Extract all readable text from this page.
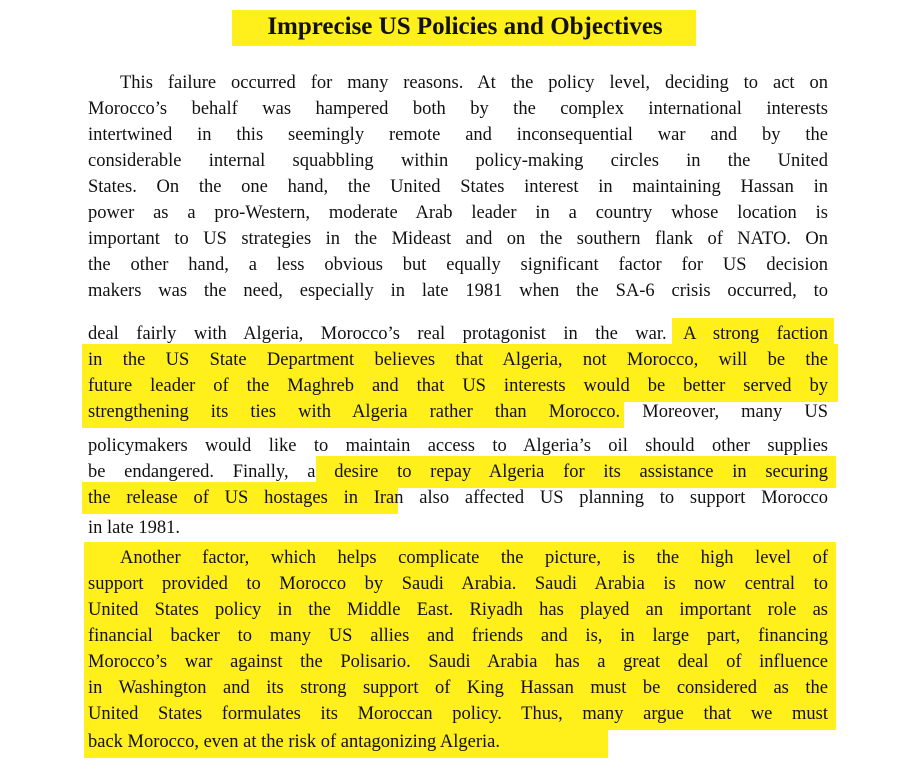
Imprecise US Policies and Objectives
This failure occurred for many reasons. At the policy level, deciding to act on
Morocco’s behalf was hampered both by the complex international interests
intertwined in this seemingly remote and inconsequential war and by the
considerable internal squabbling within policy-making circles in the United
States. On the one hand, the United States interest in maintaining Hassan in
power as a pro-Western, moderate Arab leader in a country whose location is
important to US strategies in the Mideast and on the southern flank of NATO. On
the other hand, a less obvious but equally significant factor for US decision
makers was the need, especially in late 1981 when the SA-6 crisis occurred, to
deal fairly with Algeria, Morocco’s real protagonist in the war. A strong faction
in the US State Department believes that Algeria, not Morocco, will be the
future leader of the Maghreb and that US interests would be better served by
strengthening its ties with Algeria rather than Morocco. Moreover, many US
policymakers would like to maintain access to Algeria’s oil should other supplies
be endangered. Finally, a desire to repay Algeria for its assistance in securing
the release of US hostages in Iran also affected US planning to support Morocco
in late 1981.
Another factor, which helps complicate the picture, is the high level of
support provided to Morocco by Saudi Arabia. Saudi Arabia is now central to
United States policy in the Middle East. Riyadh has played an important role as
financial backer to many US allies and friends and is, in large part, financing
Morocco’s war against the Polisario. Saudi Arabia has a great deal of influence
in Washington and its strong support of King Hassan must be considered as the
United States formulates its Moroccan policy. Thus, many argue that we must
back Morocco, even at the risk of antagonizing Algeria.
